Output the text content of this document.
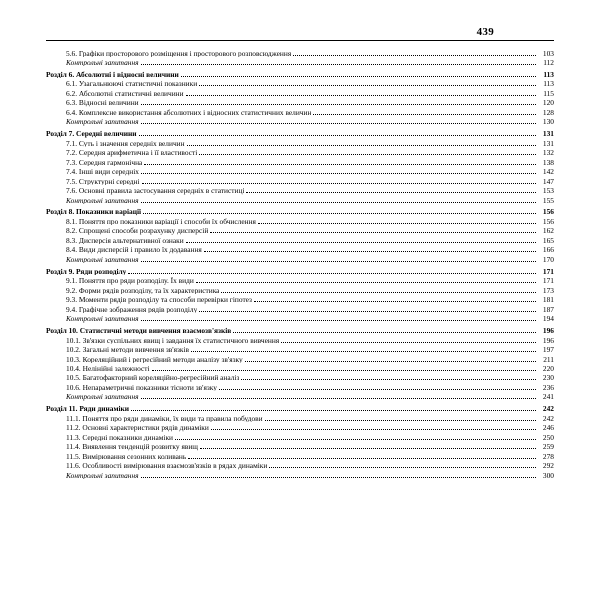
439
5.6. Графіки просторового розміщення і просторового розповсюдження	103
Контрольні запитання	112
Розділ 6. Абсолютні і відносні величини	113
6.1. Узагальнюючі статистичні показники	113
6.2. Абсолютні статистичні величини	115
6.3. Відносні величини	120
6.4. Комплексне використання абсолютних і відносних статистичних величин	128
Контрольні запитання	130
Розділ 7. Середні величини	131
7.1. Суть і значення середніх величин	131
7.2. Середня арифметична і її властивості	132
7.3. Середня гармонічна	138
7.4. Інші види середніх	142
7.5. Структурні середні	147
7.6. Основні правила застосування середніх в статистиці	153
Контрольні запитання	155
Розділ 8. Показники варіації	156
8.1. Поняття про показники варіації і способи їх обчислення	156
8.2. Спрощені способи розрахунку дисперсій	162
8.3. Дисперсія альтернативної ознаки	165
8.4. Види дисперсій і правило їх додавання	166
Контрольні запитання	170
Розділ 9. Ряди розподілу	171
9.1. Поняття про ряди розподілу. Їх види	171
9.2. Форми рядів розподілу, та їх характеристика	173
9.3. Моменти рядів розподілу та способи перевірки гіпотез	181
9.4. Графічне зображення рядів розподілу	187
Контрольні запитання	194
Розділ 10. Статистичні методи вивчення взаємозв'язків	196
10.1. Зв'язки суспільних явищ і завдання їх статистичного вивчення	196
10.2. Загальні методи вивчення зв'язків	197
10.3. Кореляційний і регресійний методи аналізу зв'язку	211
10.4. Нелінійні залежності	220
10.5. Багатофакторний кореляційно-регресійний аналіз	230
10.6. Непараметричні показники тісноти зв'язку	236
Контрольні запитання	241
Розділ 11. Ряди динаміки	242
11.1. Поняття про ряди динаміки, їх види та правила побудови	242
11.2. Основні характеристики рядів динаміки	246
11.3. Середні показники динаміки	250
11.4. Виявлення тенденцій розвитку явищ	259
11.5. Вимірювання сезонних коливань	278
11.6. Особливості вимірювання взаємозв'язків в рядах динаміки	292
Контрольні запитання	300
